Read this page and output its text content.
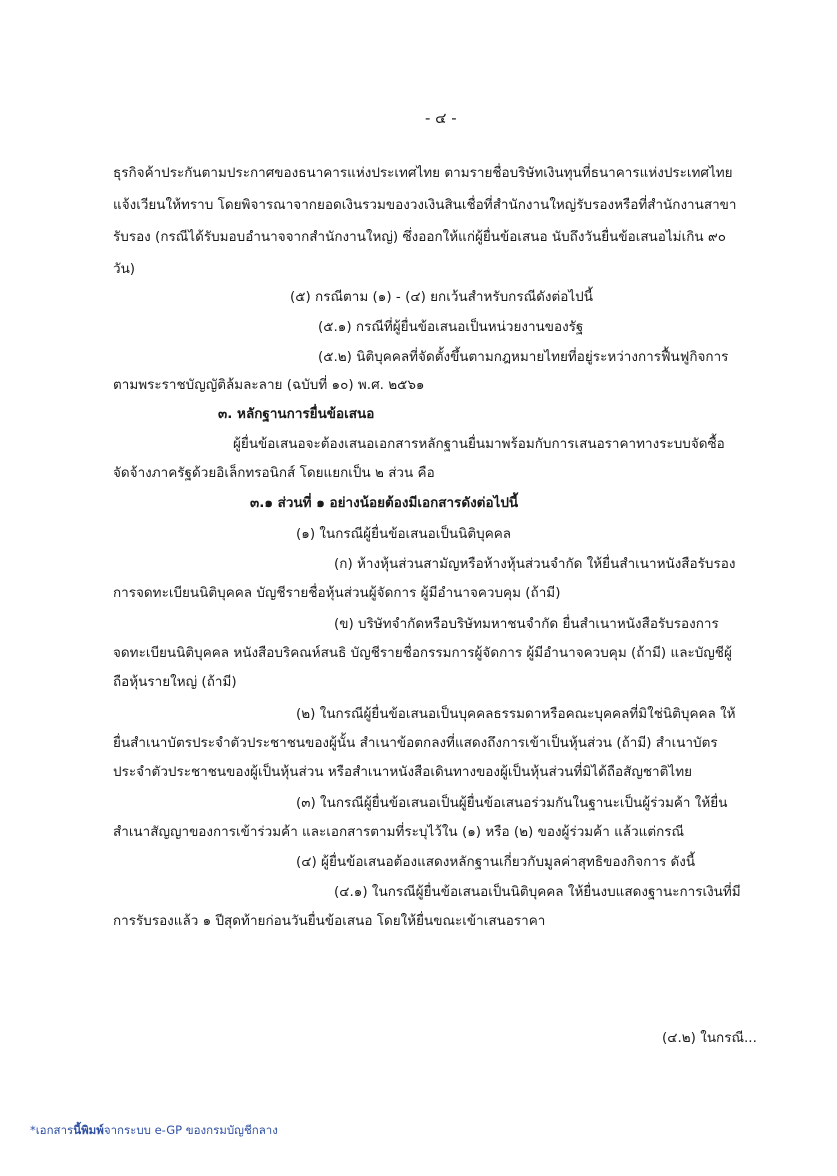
- ๔ -
ธุรกิจค้าประกันตามประกาศของธนาคารแห่งประเทศไทย ตามรายชื่อบริษัทเงินทุนที่ธนาคารแห่งประเทศไทย
แจ้งเวียนให้ทราบ โดยพิจารณาจากยอดเงินรวมของวงเงินสินเชื่อที่สำนักงานใหญ่รับรองหรือที่สำนักงานสาขา
รับรอง (กรณีได้รับมอบอำนาจจากสำนักงานใหญ่) ซึ่งออกให้แก่ผู้ยื่นข้อเสนอ นับถึงวันยื่นข้อเสนอไม่เกิน ๙๐
วัน)
(๕) กรณีตาม (๑) - (๔) ยกเว้นสำหรับกรณีดังต่อไปนี้
(๕.๑) กรณีที่ผู้ยื่นข้อเสนอเป็นหน่วยงานของรัฐ
(๕.๒) นิติบุคคลที่จัดตั้งขึ้นตามกฎหมายไทยที่อยู่ระหว่างการฟื้นฟูกิจการ
ตามพระราชบัญญัติล้มละลาย (ฉบับที่ ๑๐) พ.ศ. ๒๕๖๑
๓. หลักฐานการยื่นข้อเสนอ
ผู้ยื่นข้อเสนอจะต้องเสนอเอกสารหลักฐานยื่นมาพร้อมกับการเสนอราคาทางระบบจัดซื้อ
จัดจ้างภาครัฐด้วยอิเล็กทรอนิกส์ โดยแยกเป็น ๒ ส่วน คือ
๓.๑ ส่วนที่ ๑ อย่างน้อยต้องมีเอกสารดังต่อไปนี้
(๑) ในกรณีผู้ยื่นข้อเสนอเป็นนิติบุคคล
(ก) ห้างหุ้นส่วนสามัญหรือห้างหุ้นส่วนจำกัด ให้ยื่นสำเนาหนังสือรับรอง
การจดทะเบียนนิติบุคคล บัญชีรายชื่อหุ้นส่วนผู้จัดการ ผู้มีอำนาจควบคุม (ถ้ามี)
(ข) บริษัทจำกัดหรือบริษัทมหาชนจำกัด ยื่นสำเนาหนังสือรับรองการ
จดทะเบียนนิติบุคคล หนังสือบริคณห์สนธิ บัญชีรายชื่อกรรมการผู้จัดการ ผู้มีอำนาจควบคุม (ถ้ามี) และบัญชีผู้
ถือหุ้นรายใหญ่ (ถ้ามี)
(๒) ในกรณีผู้ยื่นข้อเสนอเป็นบุคคลธรรมดาหรือคณะบุคคลที่มิใช่นิติบุคคล ให้
ยื่นสำเนาบัตรประจำตัวประชาชนของผู้นั้น สำเนาข้อตกลงที่แสดงถึงการเข้าเป็นหุ้นส่วน (ถ้ามี) สำเนาบัตร
ประจำตัวประชาชนของผู้เป็นหุ้นส่วน หรือสำเนาหนังสือเดินทางของผู้เป็นหุ้นส่วนที่มิได้ถือสัญชาติไทย
(๓) ในกรณีผู้ยื่นข้อเสนอเป็นผู้ยื่นข้อเสนอร่วมกันในฐานะเป็นผู้ร่วมค้า ให้ยื่น
สำเนาสัญญาของการเข้าร่วมค้า และเอกสารตามที่ระบุไว้ใน (๑) หรือ (๒) ของผู้ร่วมค้า แล้วแต่กรณี
(๔) ผู้ยื่นข้อเสนอต้องแสดงหลักฐานเกี่ยวกับมูลค่าสุทธิของกิจการ ดังนี้
(๔.๑) ในกรณีผู้ยื่นข้อเสนอเป็นนิติบุคคล ให้ยื่นงบแสดงฐานะการเงินที่มี
การรับรองแล้ว ๑ ปีสุดท้ายก่อนวันยื่นข้อเสนอ โดยให้ยื่นขณะเข้าเสนอราคา
(๔.๒) ในกรณี...
*เอกสารนี้พิมพ์จากระบบ e-GP ของกรมบัญชีกลาง
